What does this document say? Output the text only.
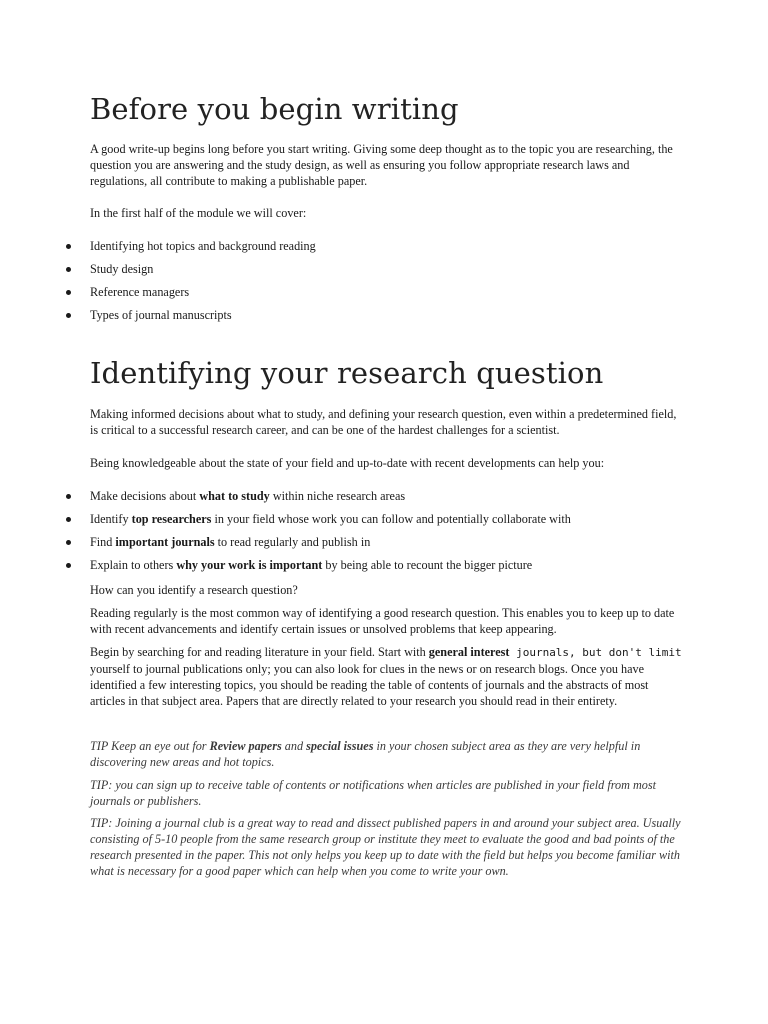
Before you begin writing

A good write-up begins long before you start writing. Giving some deep thought as to the topic you are researching, the question you are answering and the study design, as well as ensuring you follow appropriate research laws and regulations, all contribute to making a publishable paper.

In the first half of the module we will cover:

Identifying hot topics and background reading
Study design
Reference managers
Types of journal manuscripts
Identifying your research question

Making informed decisions about what to study, and defining your research question, even within a predetermined field, is critical to a successful research career, and can be one of the hardest challenges for a scientist.

Being knowledgeable about the state of your field and up-to-date with recent developments can help you:

Make decisions about what to study within niche research areas
Identify top researchers in your field whose work you can follow and potentially collaborate with
Find important journals to read regularly and publish in
Explain to others why your work is important by being able to recount the bigger picture

How can you identify a research question?

Reading regularly is the most common way of identifying a good research question. This enables you to keep up to date with recent advancements and identify certain issues or unsolved problems that keep appearing.

Begin by searching for and reading literature in your field. Start with general interest journals, but don't limit yourself to journal publications only; you can also look for clues in the news or on research blogs. Once you have identified a few interesting topics, you should be reading the table of contents of journals and the abstracts of most articles in that subject area. Papers that are directly related to your research you should read in their entirety.

TIP Keep an eye out for Review papers and special issues in your chosen subject area as they are very helpful in discovering new areas and hot topics.

TIP: you can sign up to receive table of contents or notifications when articles are published in your field from most journals or publishers.

TIP: Joining a journal club is a great way to read and dissect published papers in and around your subject area. Usually consisting of 5-10 people from the same research group or institute they meet to evaluate the good and bad points of the research presented in the paper. This not only helps you keep up to date with the field but helps you become familiar with what is necessary for a good paper which can help when you come to write your own.
